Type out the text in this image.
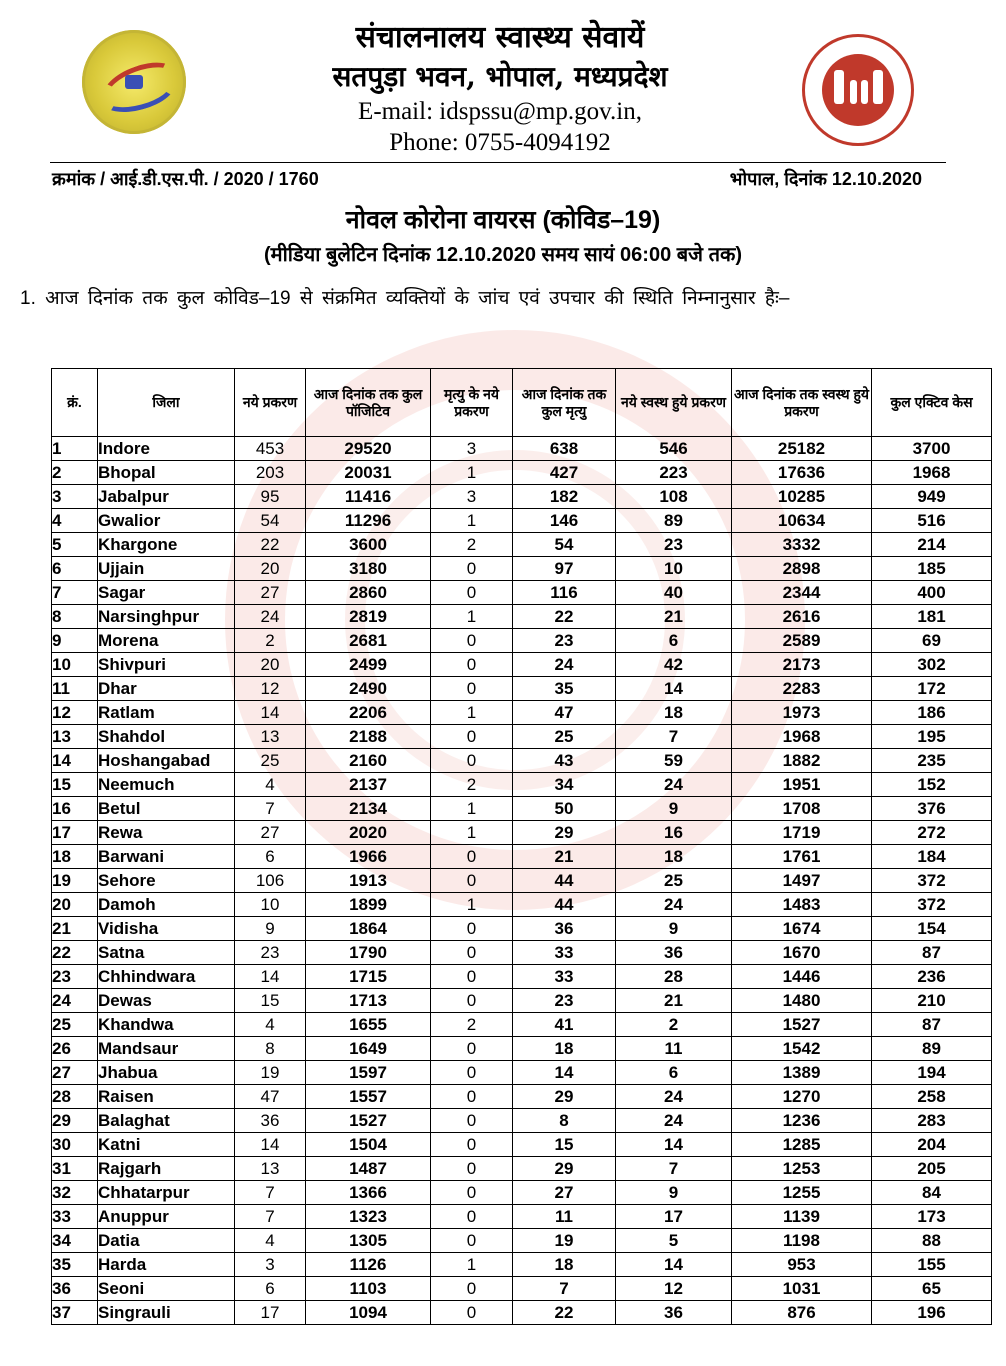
संचालनालय स्वास्थ्य सेवायें
सतपुड़ा भवन, भोपाल, मध्यप्रदेश
E-mail: idspssu@mp.gov.in,
Phone: 0755-4094192
क्रमांक / आई.डी.एस.पी. / 2020 / 1760	भोपाल, दिनांक 12.10.2020
नोवल कोरोना वायरस (कोविड–19)
(मीडिया बुलेटिन दिनांक 12.10.2020 समय सायं 06:00 बजे तक)
1. आज दिनांक तक कुल कोविड–19 से संक्रमित व्यक्तियों के जांच एवं उपचार की स्थिति निम्नानुसार हैः–
क्रं.	जिला	नये प्रकरण	आज दिनांक तक कुल पॉजिटिव	मृत्यु के नये प्रकरण	आज दिनांक तक कुल मृत्यु	नये स्वस्थ हुये प्रकरण	आज दिनांक तक स्वस्थ हुये प्रकरण	कुल एक्टिव केस
1	Indore	453	29520	3	638	546	25182	3700
2	Bhopal	203	20031	1	427	223	17636	1968
3	Jabalpur	95	11416	3	182	108	10285	949
4	Gwalior	54	11296	1	146	89	10634	516
5	Khargone	22	3600	2	54	23	3332	214
6	Ujjain	20	3180	0	97	10	2898	185
7	Sagar	27	2860	0	116	40	2344	400
8	Narsinghpur	24	2819	1	22	21	2616	181
9	Morena	2	2681	0	23	6	2589	69
10	Shivpuri	20	2499	0	24	42	2173	302
11	Dhar	12	2490	0	35	14	2283	172
12	Ratlam	14	2206	1	47	18	1973	186
13	Shahdol	13	2188	0	25	7	1968	195
14	Hoshangabad	25	2160	0	43	59	1882	235
15	Neemuch	4	2137	2	34	24	1951	152
16	Betul	7	2134	1	50	9	1708	376
17	Rewa	27	2020	1	29	16	1719	272
18	Barwani	6	1966	0	21	18	1761	184
19	Sehore	106	1913	0	44	25	1497	372
20	Damoh	10	1899	1	44	24	1483	372
21	Vidisha	9	1864	0	36	9	1674	154
22	Satna	23	1790	0	33	36	1670	87
23	Chhindwara	14	1715	0	33	28	1446	236
24	Dewas	15	1713	0	23	21	1480	210
25	Khandwa	4	1655	2	41	2	1527	87
26	Mandsaur	8	1649	0	18	11	1542	89
27	Jhabua	19	1597	0	14	6	1389	194
28	Raisen	47	1557	0	29	24	1270	258
29	Balaghat	36	1527	0	8	24	1236	283
30	Katni	14	1504	0	15	14	1285	204
31	Rajgarh	13	1487	0	29	7	1253	205
32	Chhatarpur	7	1366	0	27	9	1255	84
33	Anuppur	7	1323	0	11	17	1139	173
34	Datia	4	1305	0	19	5	1198	88
35	Harda	3	1126	1	18	14	953	155
36	Seoni	6	1103	0	7	12	1031	65
37	Singrauli	17	1094	0	22	36	876	196
